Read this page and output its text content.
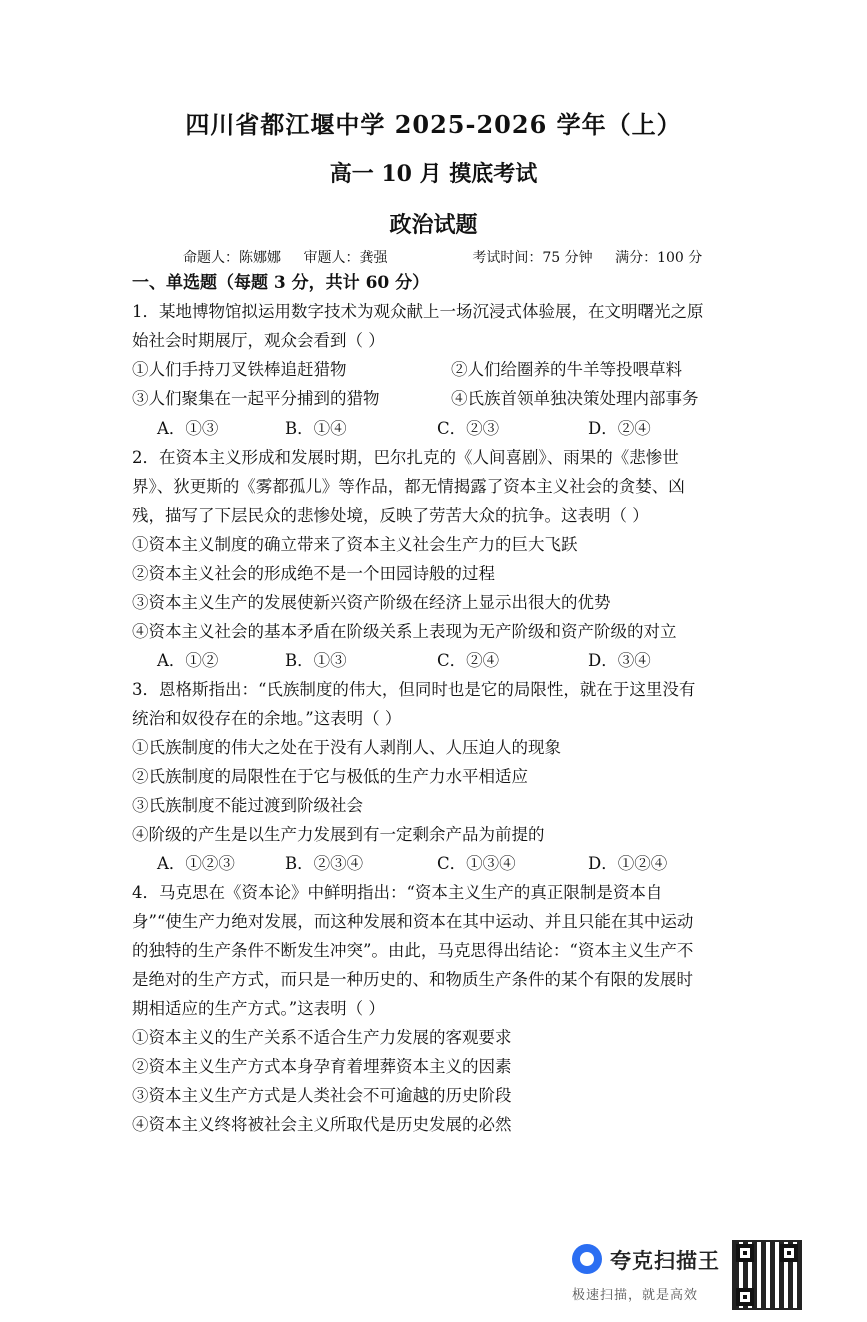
四川省都江堰中学 2025-2026 学年（上）
高一 10 月 摸底考试
政治试题
命题人：陈娜娜 审题人：龚强	考试时间：75 分钟 满分：100 分
一、单选题（每题 3 分，共计 60 分）
1．某地博物馆拟运用数字技术为观众献上一场沉浸式体验展，在文明曙光之原
始社会时期展厅，观众会看到（ ）
①人们手持刀叉铁棒追赶猎物	②人们给圈养的牛羊等投喂草料
③人们聚集在一起平分捕到的猎物	④氏族首领单独决策处理内部事务
A．①③	B．①④	C．②③	D．②④
2．在资本主义形成和发展时期，巴尔扎克的《人间喜剧》、雨果的《悲惨世
界》、狄更斯的《雾都孤儿》等作品，都无情揭露了资本主义社会的贪婪、凶
残，描写了下层民众的悲惨处境，反映了劳苦大众的抗争。这表明（ ）
①资本主义制度的确立带来了资本主义社会生产力的巨大飞跃
②资本主义社会的形成绝不是一个田园诗般的过程
③资本主义生产的发展使新兴资产阶级在经济上显示出很大的优势
④资本主义社会的基本矛盾在阶级关系上表现为无产阶级和资产阶级的对立
A．①②	B．①③	C．②④	D．③④
3．恩格斯指出：“氏族制度的伟大，但同时也是它的局限性，就在于这里没有
统治和奴役存在的余地。”这表明（ ）
①氏族制度的伟大之处在于没有人剥削人、人压迫人的现象
②氏族制度的局限性在于它与极低的生产力水平相适应
③氏族制度不能过渡到阶级社会
④阶级的产生是以生产力发展到有一定剩余产品为前提的
A．①②③	B．②③④	C．①③④	D．①②④
4．马克思在《资本论》中鲜明指出：“资本主义生产的真正限制是资本自
身”“使生产力绝对发展，而这种发展和资本在其中运动、并且只能在其中运动
的独特的生产条件不断发生冲突”。由此，马克思得出结论：“资本主义生产不
是绝对的生产方式，而只是一种历史的、和物质生产条件的某个有限的发展时
期相适应的生产方式。”这表明（ ）
①资本主义的生产关系不适合生产力发展的客观要求
②资本主义生产方式本身孕育着埋葬资本主义的因素
③资本主义生产方式是人类社会不可逾越的历史阶段
④资本主义终将被社会主义所取代是历史发展的必然
夸克扫描王
极速扫描，就是高效
